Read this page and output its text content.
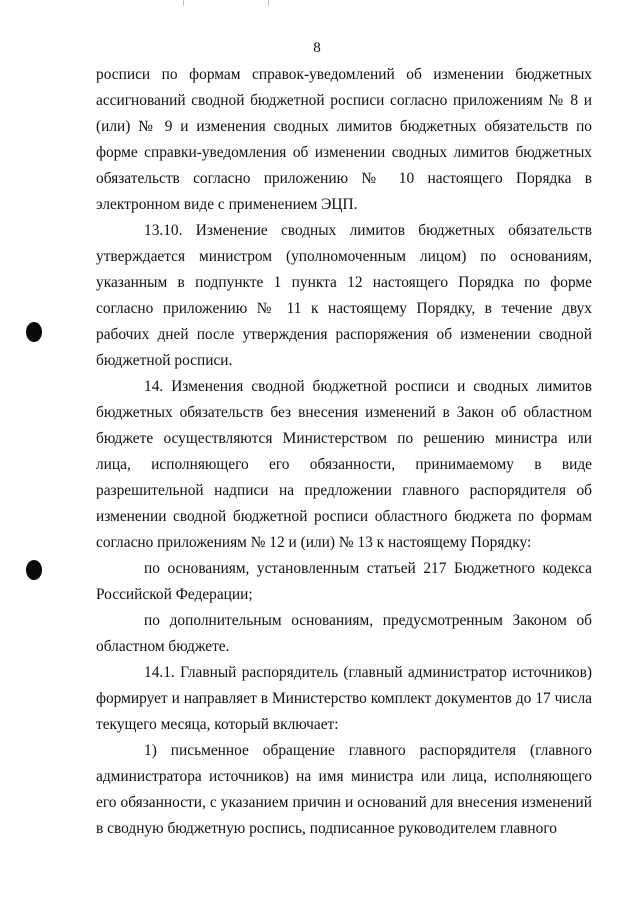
8

росписи по формам справок-уведомлений об изменении бюджетных ассигнований сводной бюджетной росписи согласно приложениям № 8 и (или) № 9 и изменения сводных лимитов бюджетных обязательств по форме справки-уведомления об изменении сводных лимитов бюджетных обязательств согласно приложению № 10 настоящего Порядка в электронном виде с применением ЭЦП.

13.10. Изменение сводных лимитов бюджетных обязательств утверждается министром (уполномоченным лицом) по основаниям, указанным в подпункте 1 пункта 12 настоящего Порядка по форме согласно приложению № 11 к настоящему Порядку, в течение двух рабочих дней после утверждения распоряжения об изменении сводной бюджетной росписи.

14. Изменения сводной бюджетной росписи и сводных лимитов бюджетных обязательств без внесения изменений в Закон об областном бюджете осуществляются Министерством по решению министра или лица, исполняющего его обязанности, принимаемому в виде разрешительной надписи на предложении главного распорядителя об изменении сводной бюджетной росписи областного бюджета по формам согласно приложениям № 12 и (или) № 13 к настоящему Порядку:

по основаниям, установленным статьей 217 Бюджетного кодекса Российской Федерации;

по дополнительным основаниям, предусмотренным Законом об областном бюджете.

14.1. Главный распорядитель (главный администратор источников) формирует и направляет в Министерство комплект документов до 17 числа текущего месяца, который включает:

1) письменное обращение главного распорядителя (главного администратора источников) на имя министра или лица, исполняющего его обязанности, с указанием причин и оснований для внесения изменений в сводную бюджетную роспись, подписанное руководителем главного
